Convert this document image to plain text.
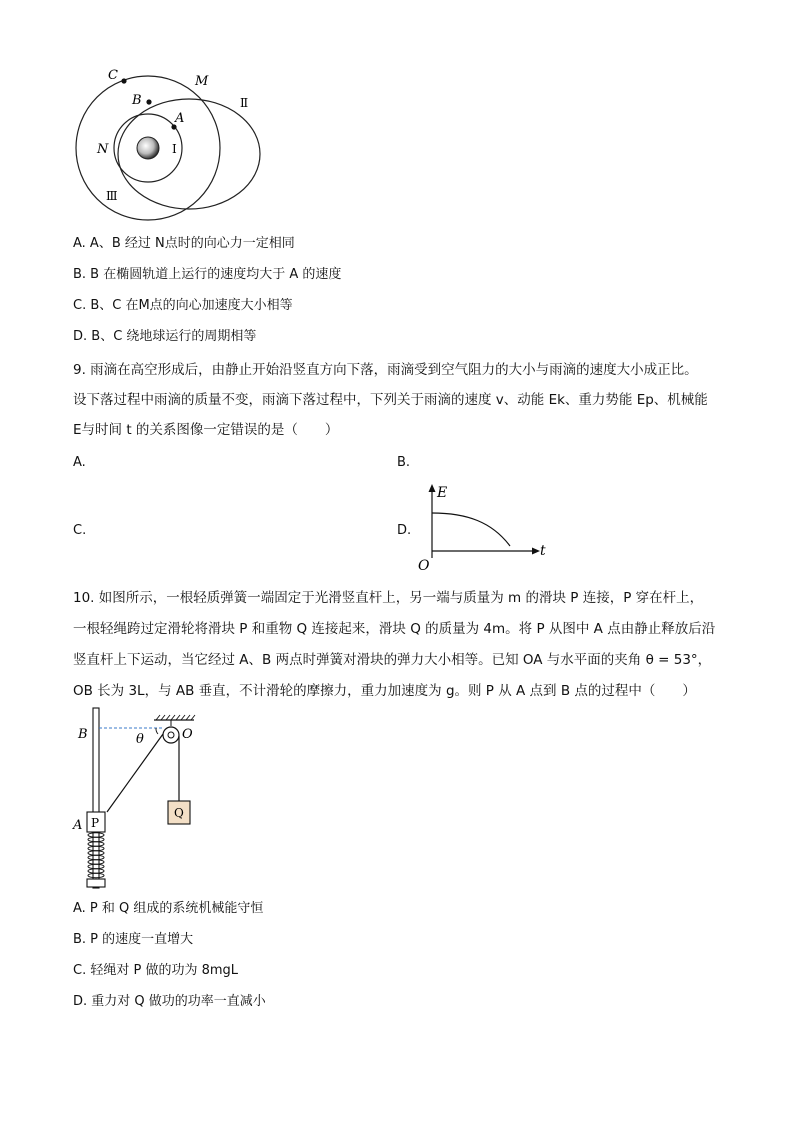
C	M
B
A
N	Ⅰ
Ⅱ
Ⅲ
A. A、B 经过 N点时的向心力一定相同
B. B 在椭圆轨道上运行的速度均大于 A 的速度
C. B、C 在M点的向心加速度大小相等
D. B、C 绕地球运行的周期相等
9. 雨滴在高空形成后，由静止开始沿竖直方向下落，雨滴受到空气阻力的大小与雨滴的速度大小成正比。
设下落过程中雨滴的质量不变，雨滴下落过程中，下列关于雨滴的速度 v、动能 Ek、重力势能 Ep、机械能
E与时间 t 的关系图像一定错误的是（　　）
A.	B.
C.	D.
E
t
O
10. 如图所示，一根轻质弹簧一端固定于光滑竖直杆上，另一端与质量为 m 的滑块 P 连接，P 穿在杆上，
一根轻绳跨过定滑轮将滑块 P 和重物 Q 连接起来，滑块 Q 的质量为 4m。将 P 从图中 A 点由静止释放后沿
竖直杆上下运动，当它经过 A、B 两点时弹簧对滑块的弹力大小相等。已知 OA 与水平面的夹角 θ = 53°，
OB 长为 3L，与 AB 垂直，不计滑轮的摩擦力，重力加速度为 g。则 P 从 A 点到 B 点的过程中（　　）
B	θ	O
A P
Q
A. P 和 Q 组成的系统机械能守恒
B. P 的速度一直增大
C. 轻绳对 P 做的功为 8mgL
D. 重力对 Q 做功的功率一直减小
